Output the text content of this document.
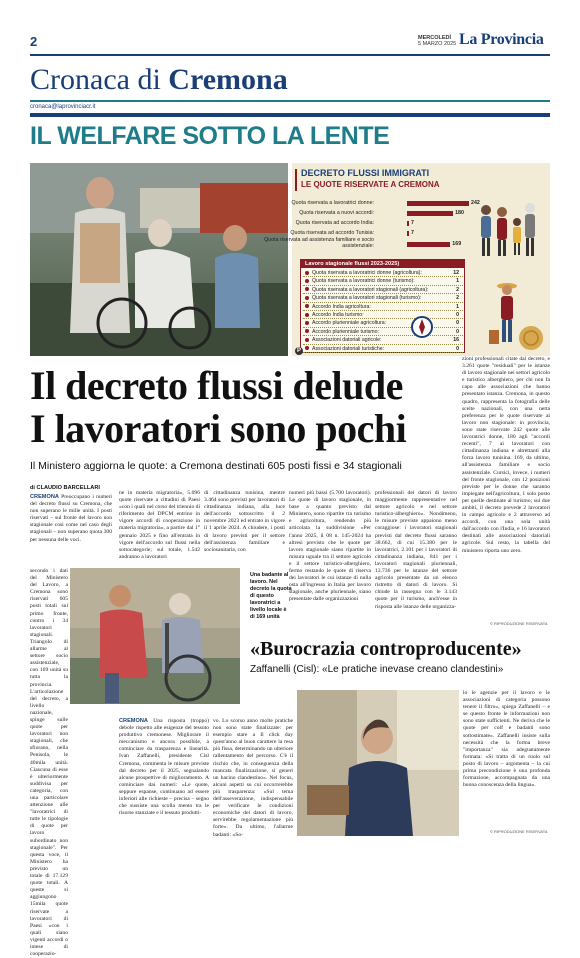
2	MERCOLEDÌ
5 MARZO 2025 La Provincia
Cronaca di Cremona
cronaca@laprovinciacr.it
IL WELFARE SOTTO LA LENTE
DECRETO FLUSSI IMMIGRATI
LE QUOTE RISERVATE A CREMONA
Quota riservata a lavoratrici donne:	242
Quota riservata a nuovi accordi:	180
Quota riservata ad accordo India:	7
Quota riservata ad accordo Tunisia:	7
Quota riservata ad assistenza familiare e socio assistenziale:	169
Lavoro stagionale flussi 2023-2025)
Quota riservata a lavoratrici donne (agricoltura):	12
Quota riservata a lavoratrici donne (turismo):	1
Quota riservata a lavoratori stagionali (agricoltura):	2
Quota riservata a lavoratori stagionali (turismo):	2
Accordo India agricoltura:	1
Accordo India turismo:	0
Accordo plurienniale agricoltura:	0
Accordo plurienniale turismo:	0
Associazioni datoriali agricole:	16
Associazioni datoriali turistiche:	0
P
Il decreto flussi delude
I lavoratori sono pochi
Il Ministero aggiorna le quote: a Cremona destinati 605 posti fissi e 34 stagionali
di CLAUDIO BARCELLARI
CREMONA Preoccupano i numeri del decreto flussi su Cremona, che non superano le mille unità. I posti riservati – sul fronte del lavoro non stagionale così come nel caso degli stagionali – non superano quota 300 per nessuna delle voci.
secondo i dati del Ministero del Lavoro, a Cremona sono riservati 605 posti totali sul primo fronte, contro i 34 lavoratori stagionali. Triangolo di allarme al settore socio assistenziale, con 169 unità su tutta la provincia. L'articolazione del decreto, a livello nazionale, spinge sulle quote per lavoratori non stagionali, che sfiorano, nella Penisola, le 40mila unità. Ciascuna di esse è ulteriormente suddivisa per categoria, con una particolare attenzione alle "lavoratrici di tutte le tipologie di quote per lavoro subordinato non stagionale". Per questa voce, il Ministero ha previsto un totale di 17.129 quote totali. A queste si aggiungono 15mila quote riservate a lavoratori di Paesi «con i quali siano vigenti accordi o intese di cooperazio-
ne in materia migratoria», 5.096 quote riservate a cittadini di Paesi «con i quali nel corso del triennio di riferimento del DPCM entrino in vigore accordi di cooperazione in materia migratoria», a partire dal 1° gennaio 2025 e fino all'entrata in vigore dell'accordo sul flussi nella sottocategorie; sul totale, 1.542 andranno a lavoratori
di cittadinanza tunisina, mentre 3.464 sono previsti per lavoratori di cittadinanza indiana, alla luce dell'accordo sottoscritto il 2 novembre 2023 ed entrato in vigore il 1 aprile 2024. A chiudere, i posti di lavoro previsti per il settore dell'assistenza familiare e sociosanitaria, con
Una badante al lavoro. Nel decreto la quota di questo lavoratrici a livello locale è di 169 unità
numeri più bassi (5.700 lavoratori). Le quote di lavoro stagionale, in base a quanto previsto dal Ministero, sono ripartite tra turismo e agricoltura, rendendo più articolata la suddivisione «Per l'anno 2025, il 08 n. 145-2024 ha altresì previsto che le quote per lavoro stagionale siano ripartite in misura uguale tra il settore agricolo e il settore turistico-alberghiero, fermo restando le quote di riserva dei lavoratori le cui istanze di nulla osta all'ingresso in Italia per lavoro stagionale, anche pluriennale, siano presentate dalle organizzazioni
professionali dei datori di lavoro maggiormente rappresentative nel settore agricolo e nel settore turistico-alberghiero». Nondimeno, le misure previste appaiono meno coraggiose: i lavoratori stagionali previsti dal decreto flussi saranno 38.662, di cui 15.380 per le lavoratrici, 2.101 per i lavoratori di cittadinanza indiana, 841 per i lavoratori stagionali pluriennali, 13.736 per le istanze del settore agricolo presentate da un elenco ristretto di datori di lavoro. Si chiude la rassegna con le 3.143 quote per il turismo, anch'esse in risposta alle istanze delle organizza-
zioni professionali citate dal decreto, e 3.261 quote "residuali" per le istanze di lavoro stagionale nei settori agricolo e turistico alberghiero, per chi non fa capo alle associazioni che hanno presentato istanza. Cremona, in questo quadro, rappresenta la fotografia delle scelte nazionali, con una netta preferenza per le quote riservate ai lavoro non stagionale: in provincia, sono state riservate 242 quote alle lavoratrici donne, 180 agli "accordi recenti", 7 ai lavoratori con cittadinanza indiana e altrettanti alla forza lavoro tunisina. 169, da ultimo, all'assistenza familiare e socio assistenziale. Cursici, invece, i numeri del fronte stagionale, con 12 posizioni previste per le donne che saranno impiegate nell'agricoltura, 1 solo posto per quelle destinate al turismo; sul due ambiti, il decreto prevede 2 lavoratori in campo agricolo e 2 attraverso ad accordi, con una sola unità dall'accordo con l'India, e 16 lavoratori destinati alle associazioni datoriali agricole. Sul resto, la tabella del ministero riporta uno zero.
© RIPRODUZIONE RISERVATA
«Burocrazia controproducente»
Zaffanelli (Cisl): «Le pratiche inevase creano clandestini»
CREMONA Una risposta (troppo) debole rispetto alle esigenze del tessuto produttivo cremonese. Migliorare il meccanismo e ancora possibile, a cominciare da trasparenza e linearità. Ivan Zaffanelli, presidente Cisl Cremona, commenta le misure previste dal decreto per il 2025, segnalando alcune prospettive di miglioramento. A cominciare dai numeri: «Le quote, seppure espanse, continuano ad essere inferiori alle richieste – precisa – segno che sussiste una scolla mento tra le risorse stanziate e il tessuto produtti-
vo. Lo scorso anno molte pratiche non sono state finalizzate: per esempio stare a Il click day quest'anno al buon carattere la resa più fissa, determinando un ulteriore rallentamento del percorso. C'è il rischio che, in conseguenza della mancata finalizzazione, si generi un bacino clandestino». Nel focus, alcuni aspetti su cui occorrerebbe più trasparenza: «Sul tema dell'asseverazione, indispensabile per verificare le condizioni economiche dei datori di lavoro, servirebbe regolamentazione più forte». Da ultimo, l'allarme badanti: «So-
lo le agenzie per il lavoro e le associazioni di categoria possono tenere il filtro», spiega Zaffanelli – e se questo fronte le informazioni non sono state sufficienti. Ne deriva che le quote per colf e badanti sono sottostimate». Zaffanelli insiste sulla necessità che la forma breve "importanza" sia adeguatamente formata: «Si tratta di un ruolo sul posto di lavoro – argomenta – la cui prima precondizione è una profonda formazione, accompagnata da una buona conoscenza della lingua».
© RIPRODUZIONE RISERVATA
